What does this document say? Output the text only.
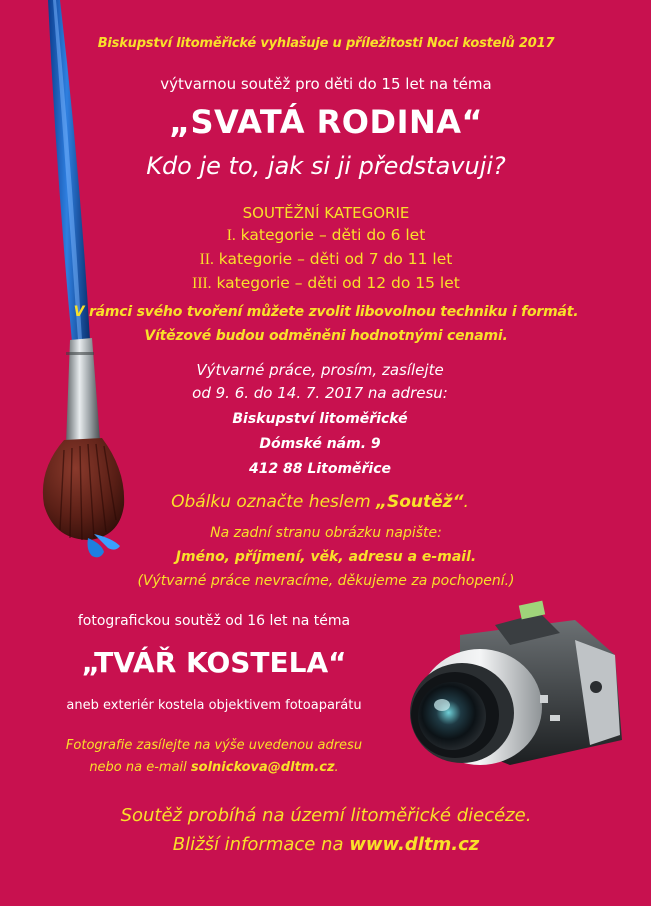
Biskupství litoměřické vyhlašuje u příležitosti Noci kostelů 2017
výtvarnou soutěž pro děti do 15 let na téma
„SVATÁ RODINA“
Kdo je to, jak si ji představuji?
SOUTĚŽNÍ KATEGORIE
I. kategorie – děti do 6 let
II. kategorie – děti od 7 do 11 let
III. kategorie – děti od 12 do 15 let
V rámci svého tvoření můžete zvolit libovolnou techniku i formát.
Vítězové budou odměněni hodnotnými cenami.
Výtvarné práce, prosím, zasílejte
od 9. 6. do 14. 7. 2017 na adresu:
Biskupství litoměřické
Dómské nám. 9
412 88 Litoměřice
Obálku označte heslem „Soutěž“.
Na zadní stranu obrázku napište:
Jméno, příjmení, věk, adresu a e-mail.
(Výtvarné práce nevracíme, děkujeme za pochopení.)
fotografickou soutěž od 16 let na téma
„TVÁŘ KOSTELA“
aneb exteriér kostela objektivem fotoaparátu
Fotografie zasílejte na výše uvedenou adresu
nebo na e-mail solnickova@dltm.cz.
Soutěž probíhá na území litoměřické diecéze.
Bližší informace na www.dltm.cz
